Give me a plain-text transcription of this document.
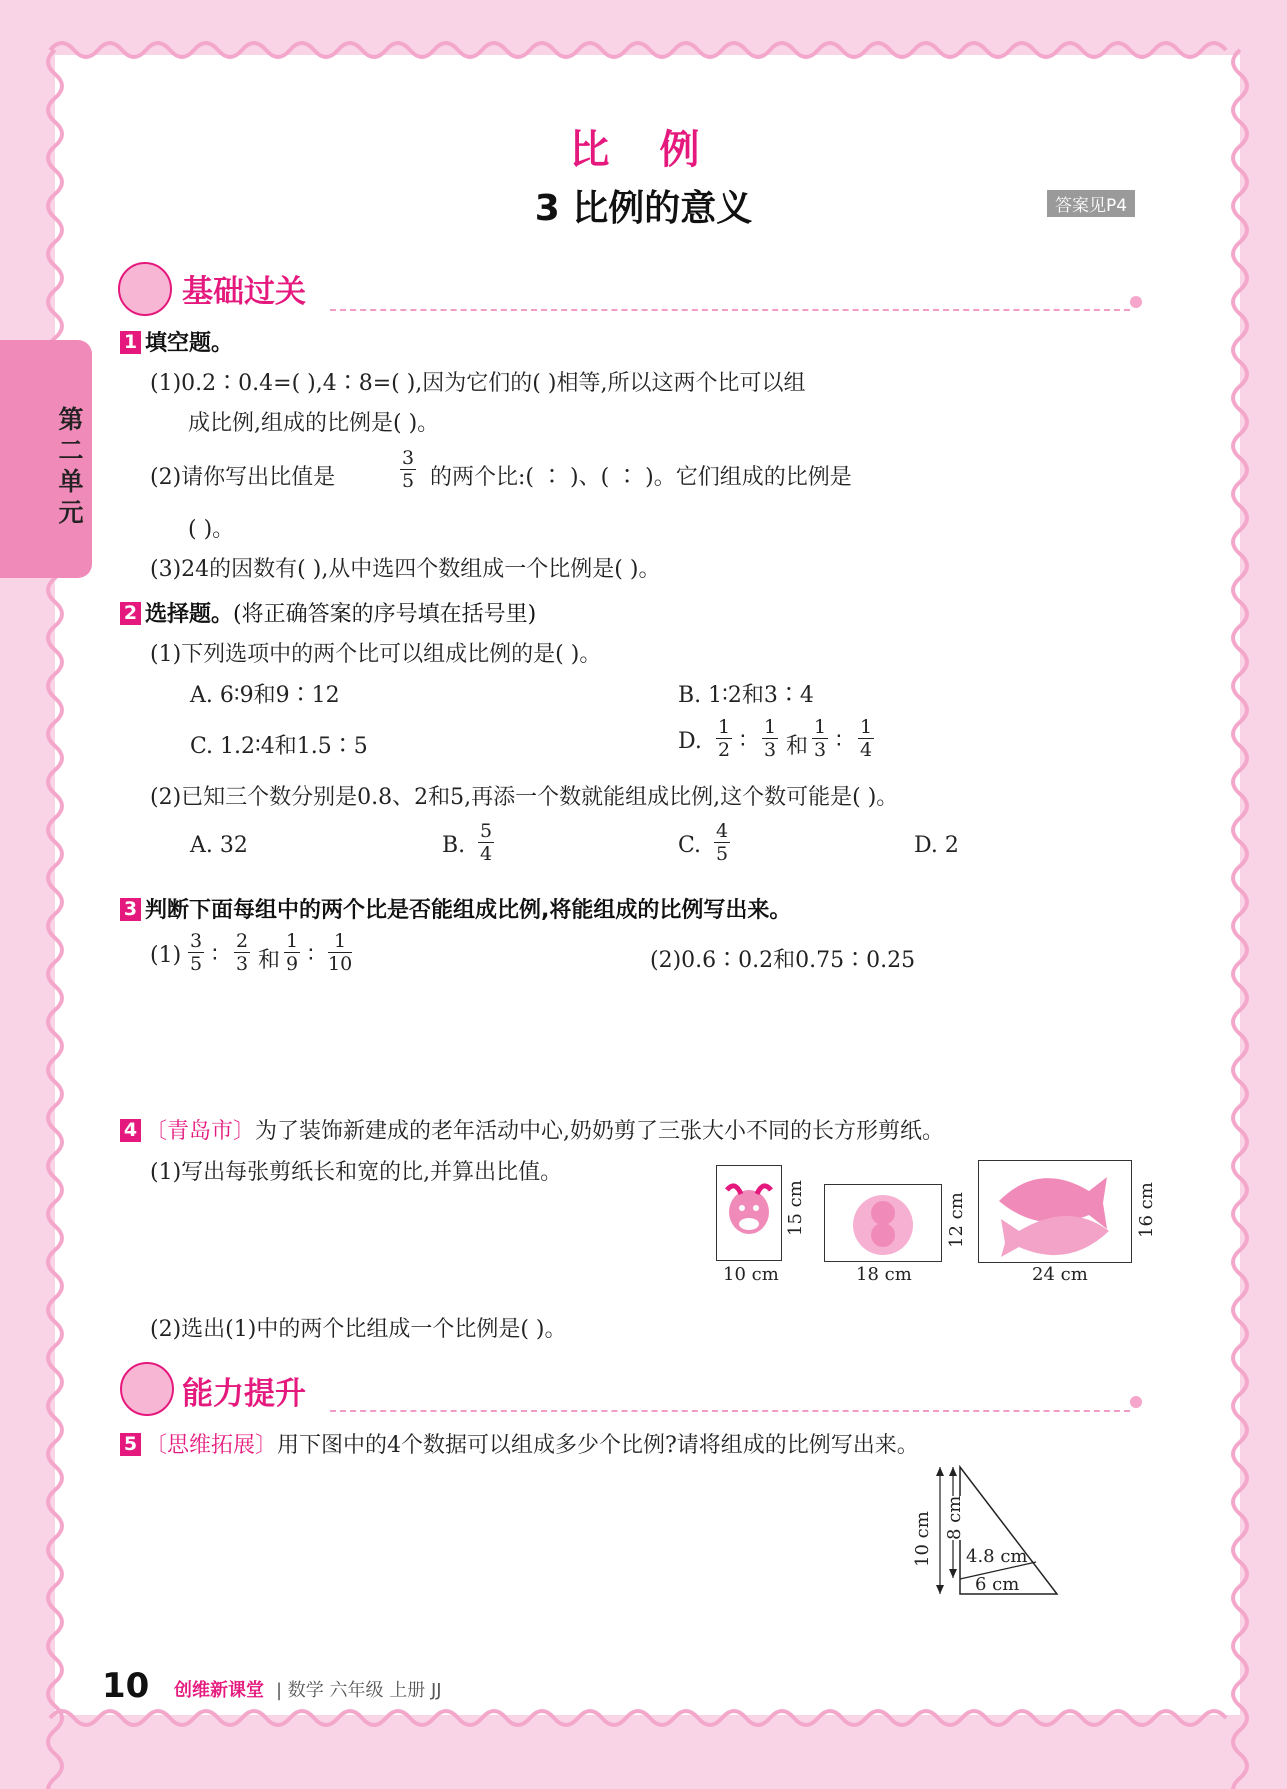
第二单元
比 例
3 比例的意义	答案见P4
基础过关
1 填空题。
(1)0.2∶0.4=( ),4∶8=( ),因为它们的( )相等,所以这两个比可以组
成比例,组成的比例是( )。
(2)请你写出比值是	$\frac{3}{5}$ 的两个比:( ∶ )、( ∶ )。它们组成的比例是
( )。
(3)24的因数有( ),从中选四个数组成一个比例是( )。
2 选择题。(将正确答案的序号填在括号里)
(1)下列选项中的两个比可以组成比例的是( )。
A. 6∶9和9∶12	B. 1∶2和3∶4
C. 1.2∶4和1.5∶5	D. $\frac{1}{2}$ ∶ $\frac{1}{3}$ 和 $\frac{1}{3}$ ∶ $\frac{1}{4}$
(2)已知三个数分别是0.8、2和5,再添一个数就能组成比例,这个数可能是( )。
A. 32	B. $\frac{5}{4}$	C. $\frac{4}{5}$	D. 2
3 判断下面每组中的两个比是否能组成比例,将能组成的比例写出来。
$(1) \frac{3}{5}$ ∶ $\frac{2}{3}$ 和 $\frac{1}{9}$ ∶ $\frac{1}{10}$	(2)0.6∶0.2和0.75∶0.25
4 〔青岛市〕为了装饰新建成的老年活动中心,奶奶剪了三张大小不同的长方形剪纸。
(1)写出每张剪纸长和宽的比,并算出比值。
10 cm
15 cm
18 cm
12 cm
24 cm
16 cm
(2)选出(1)中的两个比组成一个比例是( )。
能力提升
5 〔思维拓展〕用下图中的4个数据可以组成多少个比例?请将组成的比例写出来。
10 cm 8 cm
4.8 cm
6 cm
10 创维新课堂 | 数学 六年级 上册 JJ
